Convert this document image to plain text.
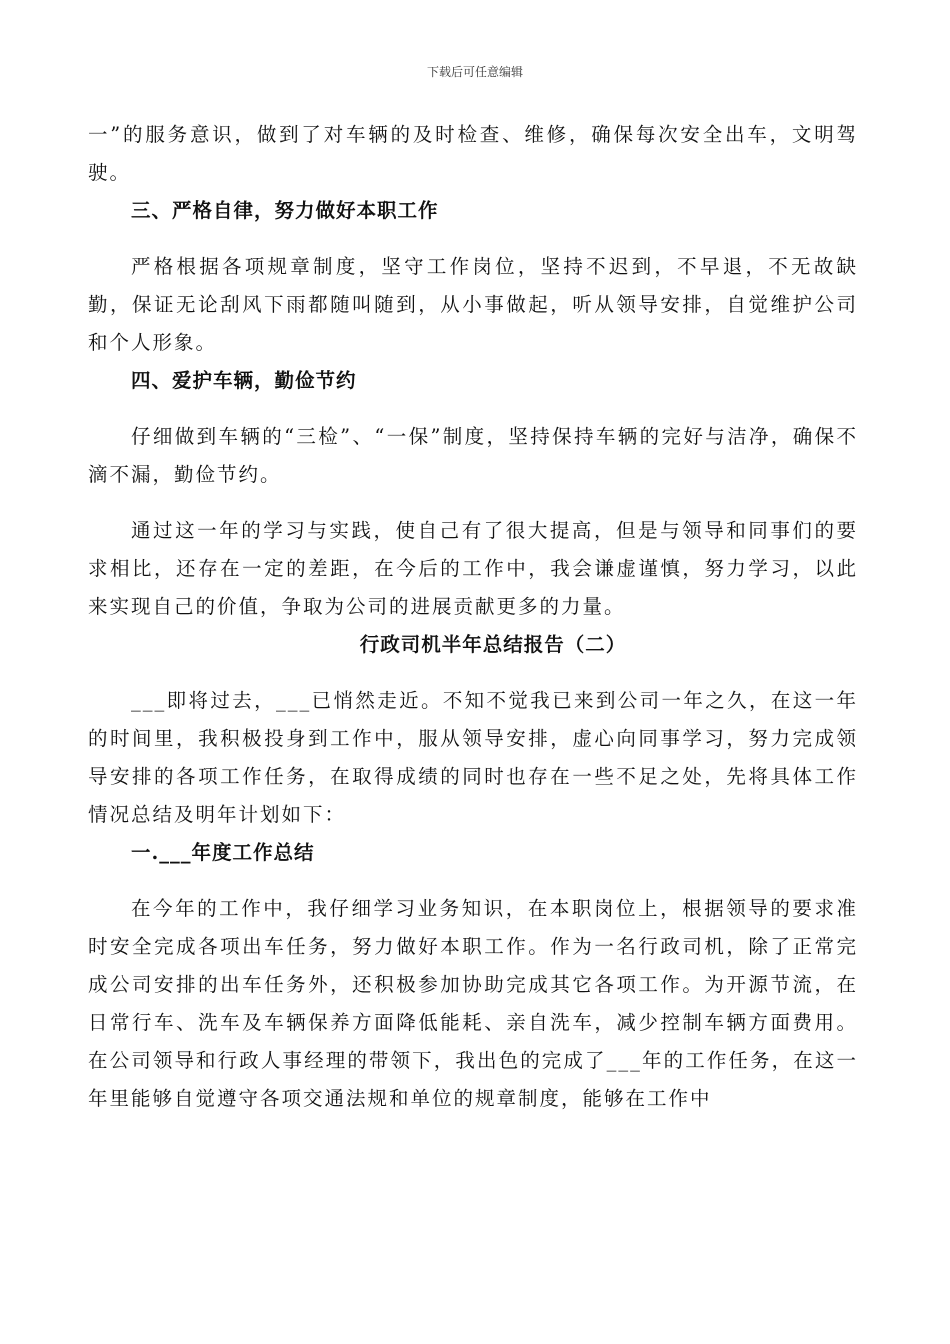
下载后可任意编辑

一”的服务意识，做到了对车辆的及时检查、维修，确保每次安全出车，文明驾驶。

三、严格自律，努力做好本职工作

严格根据各项规章制度，坚守工作岗位，坚持不迟到，不早退，不无故缺勤，保证无论刮风下雨都随叫随到，从小事做起，听从领导安排，自觉维护公司和个人形象。

四、爱护车辆，勤俭节约

仔细做到车辆的“三检”、“一保”制度，坚持保持车辆的完好与洁净，确保不滴不漏，勤俭节约。

通过这一年的学习与实践，使自己有了很大提高，但是与领导和同事们的要求相比，还存在一定的差距，在今后的工作中，我会谦虚谨慎，努力学习，以此来实现自己的价值，争取为公司的进展贡献更多的力量。

行政司机半年总结报告（二）

___即将过去，___已悄然走近。不知不觉我已来到公司一年之久，在这一年的时间里，我积极投身到工作中，服从领导安排，虚心向同事学习，努力完成领导安排的各项工作任务，在取得成绩的同时也存在一些不足之处，先将具体工作情况总结及明年计划如下：

一.___年度工作总结

在今年的工作中，我仔细学习业务知识，在本职岗位上，根据领导的要求准时安全完成各项出车任务，努力做好本职工作。作为一名行政司机，除了正常完成公司安排的出车任务外，还积极参加协助完成其它各项工作。为开源节流，在日常行车、洗车及车辆保养方面降低能耗、亲自洗车，减少控制车辆方面费用。在公司领导和行政人事经理的带领下，我出色的完成了___年的工作任务，在这一年里能够自觉遵守各项交通法规和单位的规章制度，能够在工作中
